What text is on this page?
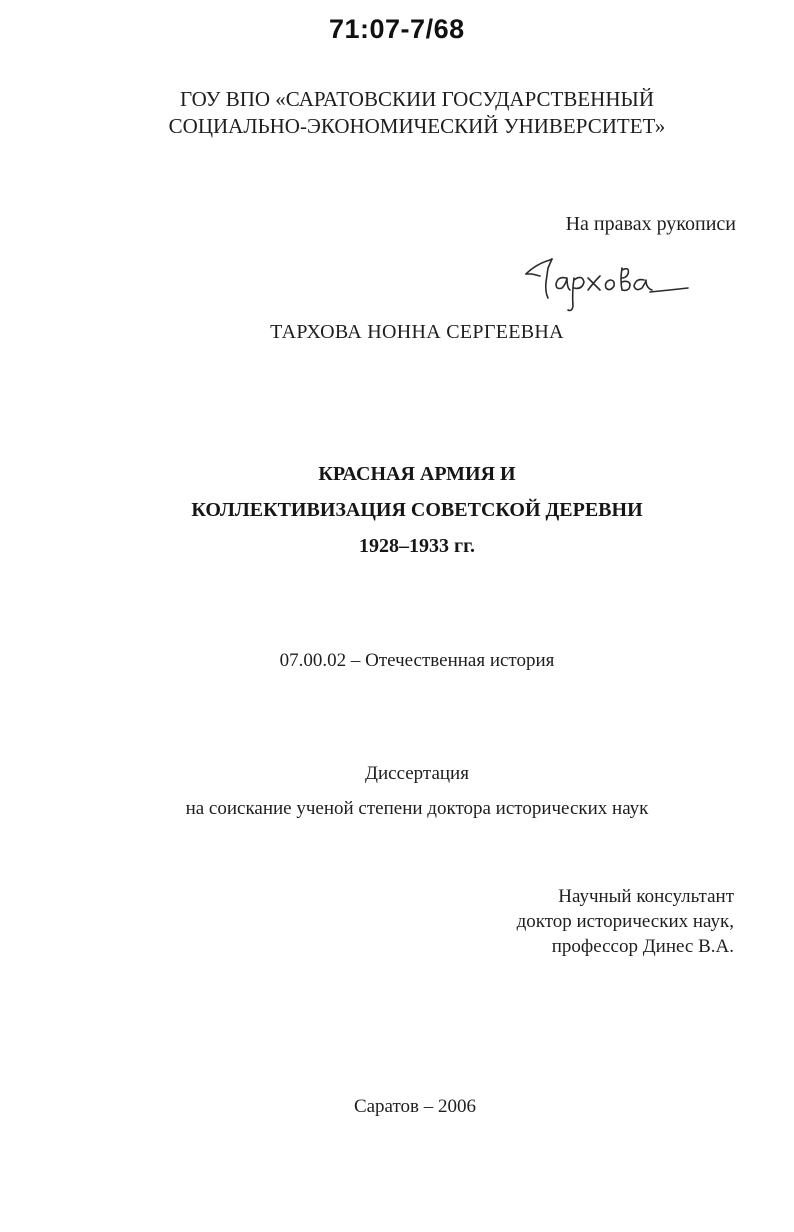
71:07-7/68
ГОУ ВПО «САРАТОВСКИИ ГОСУДАРСТВЕННЫЙ
СОЦИАЛЬНО-ЭКОНОМИЧЕСКИЙ УНИВЕРСИТЕТ»
На правах рукописи
ТАРХОВА НОННА СЕРГЕЕВНА
КРАСНАЯ АРМИЯ И
КОЛЛЕКТИВИЗАЦИЯ СОВЕТСКОЙ ДЕРЕВНИ
1928–1933 гг.
07.00.02 – Отечественная история
Диссертация
на соискание ученой степени доктора исторических наук
Научный консультант
доктор исторических наук,
профессор Динес В.А.
Саратов – 2006
